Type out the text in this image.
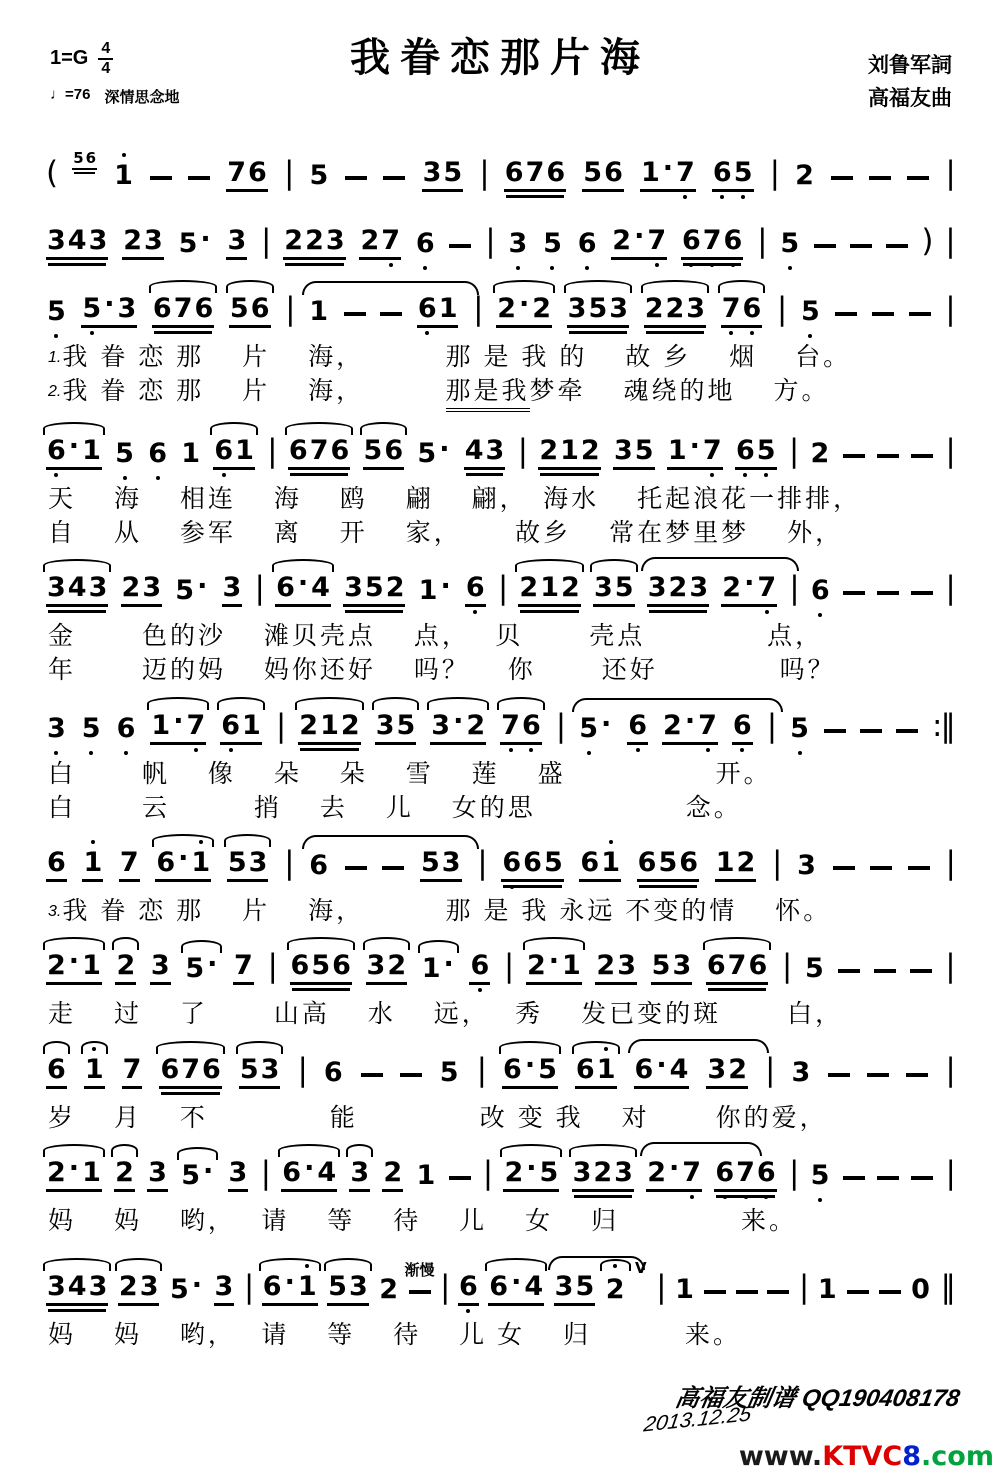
1=G 4
4
♩=76 深情思念地
我眷恋那片海	刘鲁军詞
高福友曲
( 5 6
1	76 | 5	35 | 676 56 1 · 7 6
5 | 2	|
343 23 5 · 3 | 223 27 6 | 3 5 6 2 · 7 6
7
6 | 5	) |
5 5 · 3 676 56 | 1	6
1 | 2 · 2 353 223 7
6 | 5	|
1. 我 眷 恋 那　 片　 海，　　　 那 是 我 的　 故 乡　 烟　 台。
2. 我 眷 恋 那　 片　 海，　　　 那是我 梦牵　 魂绕的地　 方。
6 · 1 5 6 1 6
1 | 676 56 5 · 43 | 212 35 1 · 7 6
5 | 2	|
天　 海　 相连　 海　 鸥　 翩　 翩，　海水　 托起浪花一排排，
自　 从　 参军　 离　 开　 家，　　 故乡　 常在梦里梦　 外，
343 23 5 · 3 | 6 · 4 352 1 · 6 | 212 35 323 2 · 7 | 6	|
金　　 色的沙　 滩贝壳点　 点，　 贝　　 壳点　　　　 点，
年　　 迈的妈　 妈你还好　 吗？　 你　　 还好　　　　 吗？
3 5 6 1 · 7 6
1 | 212 35 3 · 2 7
6 | 5 · 6 2 · 7 6 | 5	:‖
白　　 帆　 像　 朵　 朵　 雪　 莲　 盛　　　　　 开。
白　　 云　　　捎　 去　 儿　 女的思　　　　　 念。
6 1 7 6 · 1 53 | 6	53 | 6
65 61 656 12 | 3	|
3. 我 眷 恋 那　 片　 海，　　　 那 是 我 永远 不变的情　 怀。
2 · 1 2 3 5 · 7 | 656 32 1 · 6 | 2 · 1 23 53 676 | 5	|
走　 过　 了　　 山高　 水　 远，　 秀　 发已变的斑　　 白，
6 1 7 676 53 | 6	5 | 6 · 5 61 6 · 4 32 | 3	|
岁　 月　 不　　　　 能　　　　 改 变 我　 对　　 你的爱，
2 · 1 2 3 5 · 3 | 6 · 4 3 2 1 | 2 · 5 323 2 · 7 6
7
6 | 5	|
妈　 妈　 哟，　 请　 等　 待　 儿　 女　 归　　　　 来。
343 23 5 · 3 | 6 · 1 53 2
渐慢 | 6 6 · 4 35 2
V
| 1	| 1	0 ‖
妈　 妈　 哟，　 请　 等　 待　 儿 女　 归　　　 来。
高福友制谱 QQ190408178
2013.12.25
www.KTVC8.com
